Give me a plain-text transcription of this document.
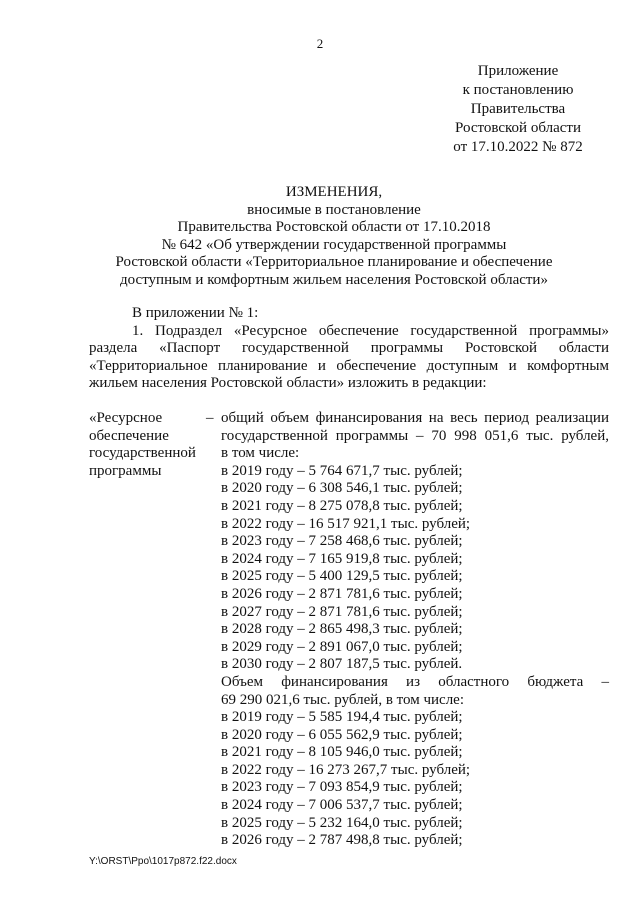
2
Приложение
к постановлению
Правительства
Ростовской области
от 17.10.2022 № 872
ИЗМЕНЕНИЯ,
вносимые в постановление
Правительства Ростовской области от 17.10.2018
№ 642 «Об утверждении государственной программы
Ростовской области «Территориальное планирование и обеспечение
доступным и комфортным жильем населения Ростовской области»

В приложении № 1:

1. Подраздел «Ресурсное обеспечение государственной программы»

раздела «Паспорт государственной программы Ростовской области

«Территориальное планирование и обеспечение доступным и комфортным

жильем населения Ростовской области» изложить в редакции:

«Ресурсное
обеспечение
государственной
программы
– общий объем финансирования на весь период реализации
государственной программы – 70 998 051,6 тыс. рублей,
в том числе:
в 2019 году – 5 764 671,7 тыс. рублей;
в 2020 году – 6 308 546,1 тыс. рублей;
в 2021 году – 8 275 078,8 тыс. рублей;
в 2022 году – 16 517 921,1 тыс. рублей;
в 2023 году – 7 258 468,6 тыс. рублей;
в 2024 году – 7 165 919,8 тыс. рублей;
в 2025 году – 5 400 129,5 тыс. рублей;
в 2026 году – 2 871 781,6 тыс. рублей;
в 2027 году – 2 871 781,6 тыс. рублей;
в 2028 году – 2 865 498,3 тыс. рублей;
в 2029 году – 2 891 067,0 тыс. рублей;
в 2030 году – 2 807 187,5 тыс. рублей.
Объем финансирования из областного бюджета –
69 290 021,6 тыс. рублей, в том числе:
в 2019 году – 5 585 194,4 тыс. рублей;
в 2020 году – 6 055 562,9 тыс. рублей;
в 2021 году – 8 105 946,0 тыс. рублей;
в 2022 году – 16 273 267,7 тыс. рублей;
в 2023 году – 7 093 854,9 тыс. рублей;
в 2024 году – 7 006 537,7 тыс. рублей;
в 2025 году – 5 232 164,0 тыс. рублей;
в 2026 году – 2 787 498,8 тыс. рублей;
Y:\ORST\Ppo\1017p872.f22.docx
